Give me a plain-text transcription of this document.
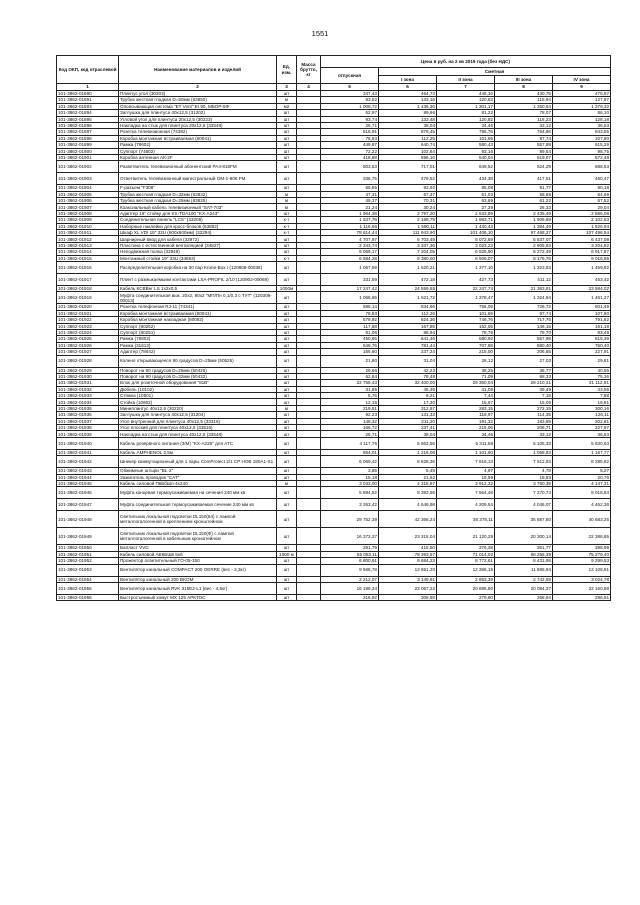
1551
Код ОКП, код отраслевой	Наименование материалов и изделий	Ед. изм.	Масса брутто, кг	Цена в руб. на 2 кв 2019 года (без НДС)				
				отпускная	Сметная			
					I зона	II зона	III зона	IV зона
1	2	3	4	5	6	7	8	9
101-3862-01890	Плинтус угол (30203)	шт		347,43	464,73	446,16	430,75	475,87
101-3862-01891	Трубка жесткая гладкая D=50мм (63850)	м		93,52	133,16	120,63	115,94	127,97
101-3862-01893	Опоясывающая система "ET Vent" EI 90, МБОР-5Ф	м2		1 008,72	1 436,36	1 301,17	1 250,64	1 379,32
101-3862-01894	Заглушка для плинтуса 40x12,5 (31202)	шт		62,97	89,66	81,22	78,07	86,10
101-3862-01895	Угловой угол для плинтуса 20x12,5 (30223)	шт		93,74	133,48	120,92	116,23	128,18
101-3862-01896	Накладка на стык для плинтуса 20x12,5 (33548)	шт		26,71	38,04	34,46	33,12	36,53
101-3862-01897	Розетка телевизионная (74382)	шт		616,91	878,45	795,76	764,86	843,55
101-3862-01898	Коробка монтажная встраиваемая (80041)	шт		78,93	112,25	101,69	97,74	107,80
101-3862-01899	Рамка (78602)	шт		449,87	640,74	580,43	557,89	615,29
101-3862-01900	Суппорт (74802)	шт		72,22	102,84	93,16	89,54	98,75
101-3862-01901	Коробка антенная АК-2F	шт		418,88	596,16	540,04	519,07	572,48
101-3862-01902	Разветвитель телевизионный абонентский РА4-816FM	шт		503,53	717,01	649,52	624,29	688,53
101-3862-01903	Ответвитель телевизионный магистральный ОМ-1-806 FM	шт		336,75	479,52	434,38	417,51	460,47
101-3862-01904	F-разъем "F308"	шт		65,85	93,92	85,08	81,77	90,18
101-3862-01905	Трубка жесткая гладкая D=32мм (63832)	м		47,31	67,37	61,03	58,66	64,69
101-3862-01906	Трубка жесткая гладкая D=25мм (63825)	м		49,37	70,31	63,69	61,22	67,52
101-3862-01907	Коаксиальный кабель телевизионный "SAT-703"	м		21,24	30,24	27,39	26,33	29,04
101-3862-01908	Адаптер 19" стойку для KX-TDA100 "KX-A243"	шт		1 964,38	2 797,20	2 533,89	2 435,49	2 686,08
101-3862-01909	Соединительная панель "LCS" (33208)	к-т		1 537,78	2 189,79	1 983,71	1 906,69	2 102,53
101-3862-01910	Наборные наклейки для кросс-блоков (63882)	к-т		1 116,66	1 590,11	1 440,43	1 384,49	1 526,94
101-3862-01911	Шкаф XL VDI 19" 33U (600x600мм) (33294)	к-т		78 614,44	111 943,90	101 406,10	97 468,27	107 496,54
101-3862-01912	Шарнирный ввод для кабеля (32972)	шт		4 707,97	6 703,49	6 072,69	5 837,07	6 437,08
101-3862-01913	Пластина с естественной вентиляцией (34827)	шт		2 343,74	3 337,36	3 023,23	2 905,83	3 204,82
101-3862-01914	Неподвижная полка (32949)	шт		5 059,17	7 204,05	6 525,90	6 272,49	6 917,87
101-3862-01915	Монтажный стойки 19" 33U (34853)	к-т		6 584,28	9 380,00	8 506,07	8 175,76	9 016,85
101-3862-01916	Распределительная коробка на 30 пар Krone-Box I (120808-00036)	шт		1 067,59	1 520,21	1 377,10	1 323,63	1 459,82
101-3862-01917	Плинт с размыкаемыми контактами LSA-PROFIL 2/10 (120902-00069)	шт		331,59	472,18	427,73	411,12	453,42
101-3862-01918	Кабель КСВВнг LS 1x2x0,5	1000м		17 247,42	24 559,55	22 247,74	21 383,81	23 584,02
101-3862-01919	Муфта соединительная вык. 20x2, 90x2 "МП/Пн 0,1/0,3 с ТУТ" (120308-00013)	шт		1 066,65	1 521,72	1 378,47	1 324,94	1 461,27
101-3862-01920	Розетка телефонная RJ-11 (74341)	шт		586,14	834,66	756,09	726,72	801,49
101-3862-01921	Коробка монтажная встраиваемая (80041)	шт		78,83	112,26	101,69	97,74	107,80
101-3862-01922	Коробка монтажная накладная (80082)	шт		578,92	824,36	746,76	717,76	791,62
101-3862-01923	Суппорт (80252)	шт		117,88	167,85	152,05	146,15	161,18
101-3862-01924	Суппорт (80251)	шт		61,06	86,94	78,76	75,70	83,49
101-3862-01925	Рамка (78802)	шт		450,65	641,46	580,92	557,98	615,39
101-3862-01926	Рамка (31613)	шт		548,76	781,44	707,88	680,40	750,40
101-3862-01927	Адаптер (78642)	шт		166,60	237,24	215,00	206,65	227,91
101-3862-01928	Колено открывающееся 90 градусов D=25мм (50525)	шт		21,80	31,04	28,12	27,03	29,81
101-3862-01929	Поворот на 90 градусов D=25мм (50425)	шт		29,66	42,23	38,25	36,77	40,55
101-3862-01930	Поворот на 90 градусов D=32мм (50432)	шт		62,84	78,48	71,09	68,33	75,36
101-3862-01931	Блок для розеточной оборудования "81B"	шт		22 755,43	32 400,00	29 350,04	28 210,31	31 112,91
101-3862-01932	Дюбель (10102)	шт		31,85	45,35	41,08	39,49	43,55
101-3862-01933	Стяжка (10501)	шт		5,76	8,21	7,44	7,15	7,88
101-3862-01934	Стойка (10602)	шт		12,15	17,30	15,67	15,06	16,61
101-3862-01935	Миниплинтус 40x12,5 (30220)	м		219,51	312,57	283,15	272,15	300,16
101-3862-01936	Заглушка для плинтуса 40x12,5 (31204)	шт		92,23	131,33	118,97	114,35	126,11
101-3862-01937	Угол внутренний для плинтуса 40x12,5 (33316)	шт		148,32	211,20	191,32	183,89	202,81
101-3862-01938	Угол плоский для плинтуса 40x12,5 (33516)	шт		166,72	237,41	215,06	206,71	227,97
101-3862-01939	Накладка на стык для плинтуса 40x12,5 (33548)	шт		25,71	38,04	34,46	33,12	36,53
101-3862-01940	Кабель резервного питания (3/M) "KX-A226" для АТС	шт		4 117,76	5 863,56	5 311,59	5 105,33	5 630,63
101-3862-01941	Кабель AMPHENOL 2,5м	шт		854,01	1 216,08	1 101,60	1 058,83	1 167,77
101-3862-01942	Шнекер коммутационный для 1 пары ComProtect 2/1 CP НОВ 180А1-S1	шт		6 059,42	8 628,36	7 816,13	7 512,63	8 285,62
101-3862-01943	Обжимные штыри "BL-2"	шт		3,85	5,49	4,97	4,78	5,27
101-3862-01944	Зажигатель проводов "CAT"	шт		15,18	21,62	19,59	18,83	20,76
101-3862-01945	Кабель силовой ПвБбШп-4x240	м		3 033,00	4 318,67	3 912,32	3 760,39	4 147,31
101-3862-01946	Муфта концевая термоусаживаемая на сечения 240 мм кв	шт		5 894,52	8 393,56	7 564,48	7 270,74	8 018,84
101-3862-01947	Муфта соединительная термоусаживаемая сечение 240 мм кв	шт		3 263,42	4 646,98	4 209,54	4 046,07	4 462,36
101-3862-01948	Светильник локальной подсветки DL150(84) с лампой металлогалогенной в креплением кронштейном	шт		29 752,39	42 366,24	38 378,11	36 887,80	40 683,25
101-3862-01949	Светильник локальной подсветки DL150(Ф) с лампой металлогалогенной в кабельным кронштейном	шт		16 373,37	23 315,04	21 120,29	20 300,14	22 388,85
101-3862-01950	Балласт VVG	шт		291,79	415,50	376,38	361,77	398,99
101-3862-01951	Кабель силовой АВКБШв 5x6	1000 м		55 053,11	78 393,57	71 014,02	68 256,39	75 279,40
101-3862-01952	Прожектор осветительный ГО-05-150	шт		6 800,91	9 684,23	8 772,61	8 431,95	9 299,53
101-3862-01953	Вентилятор канальный COMPACT 200 OERRE (вес - 2,3кг)	шт		9 568,78	13 651,20	12 366,15	11 885,94	13 108,91
101-3862-01954	Вентилятор канальный 200 BKOM	шт		2 212,07	3 149,81	2 853,39	2 742,59	3 024,78
101-3862-01955	Вентилятор канальный RVK 315E2-L1 (вес - 4,5кг)	шт		16 199,34	23 067,22	20 895,80	20 084,37	22 150,88
101-3862-01956	Быстросъемный хомут MX 125 АРКТОС	шт		216,92	308,88	279,80	268,94	296,61
